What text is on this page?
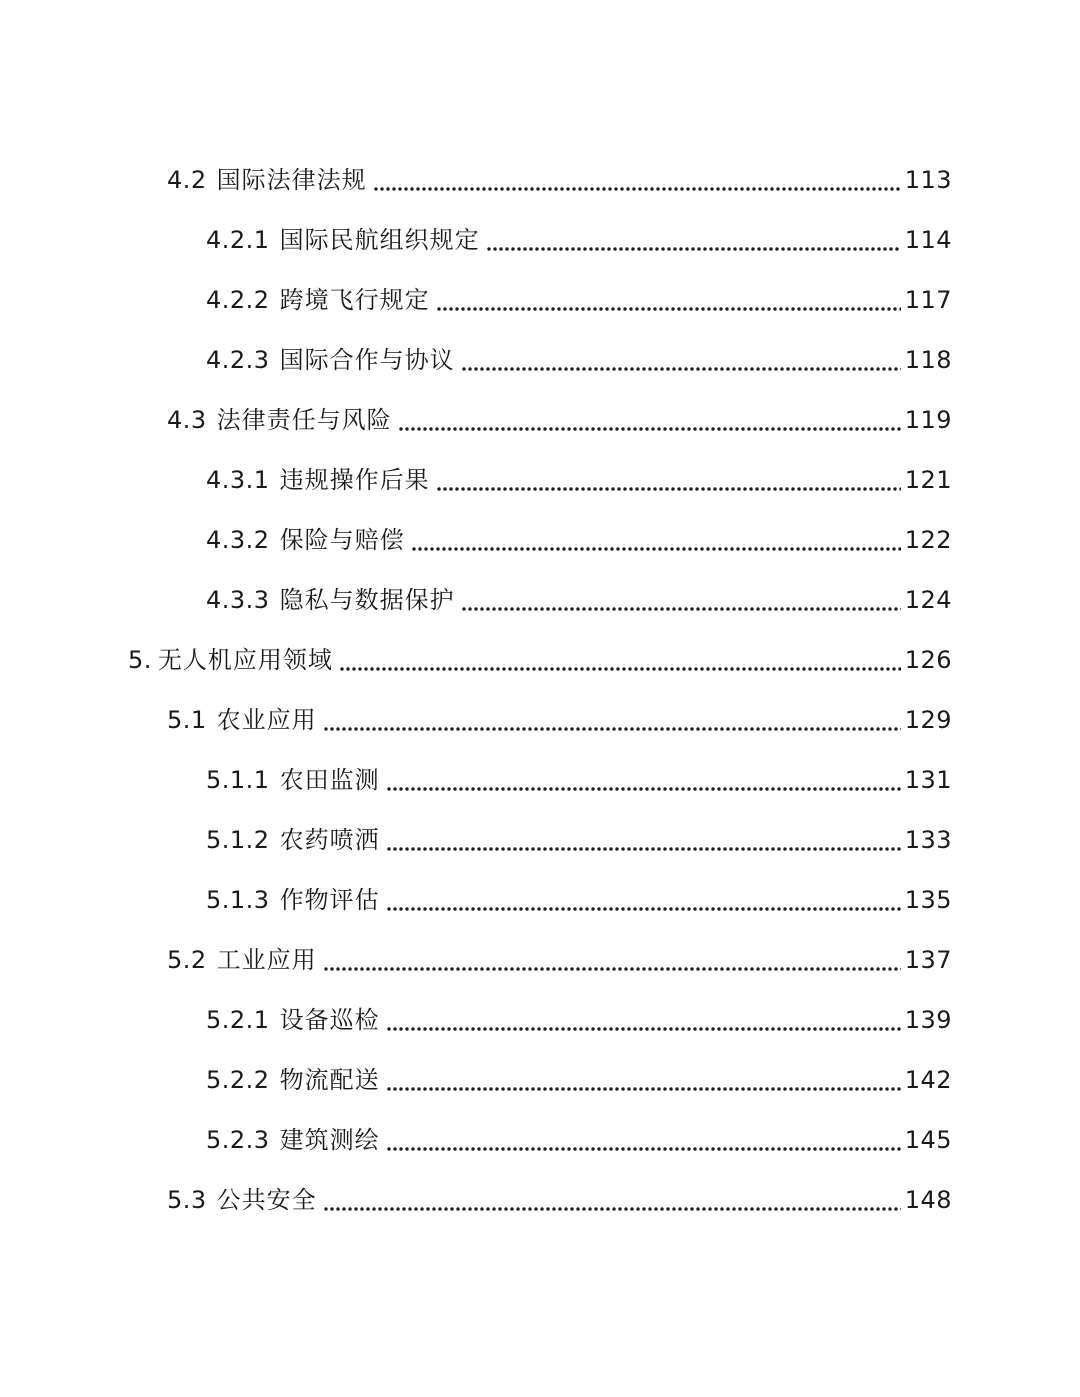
4.2 国际法律法规	113
4.2.1 国际民航组织规定	114
4.2.2 跨境飞行规定	117
4.2.3 国际合作与协议	118
4.3 法律责任与风险	119
4.3.1 违规操作后果	121
4.3.2 保险与赔偿	122
4.3.3 隐私与数据保护	124
5. 无人机应用领域	126
5.1 农业应用	129
5.1.1 农田监测	131
5.1.2 农药喷洒	133
5.1.3 作物评估	135
5.2 工业应用	137
5.2.1 设备巡检	139
5.2.2 物流配送	142
5.2.3 建筑测绘	145
5.3 公共安全	148
